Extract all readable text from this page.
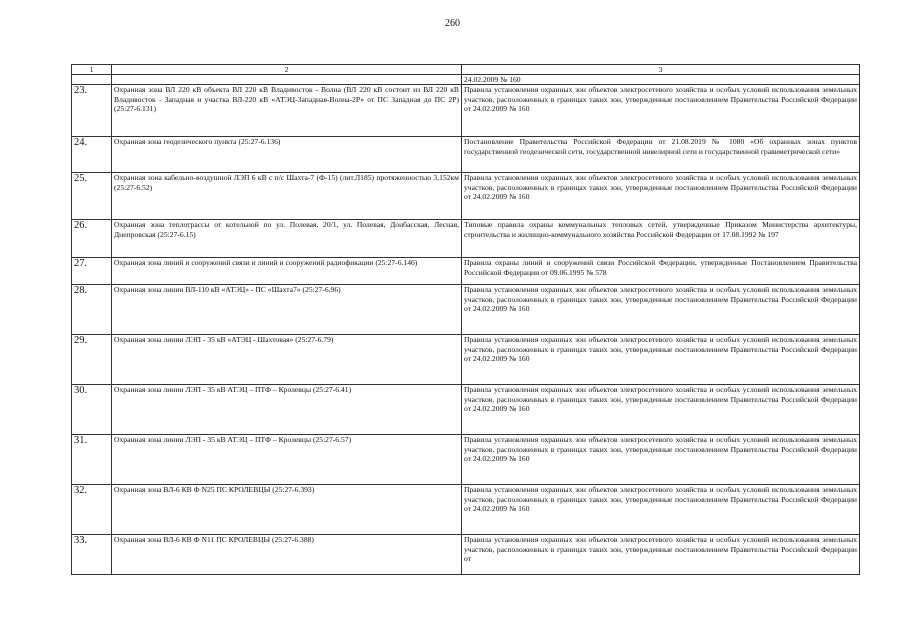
260
1	2	3
		24.02.2009 № 160
23.	Охранная зона ВЛ 220 кВ объекта ВЛ 220 кВ Владивосток - Волна (ВЛ 220 кВ состоит из ВЛ 220 кВ Владивосток - Западная и участка ВЛ-220 кВ «АТЭЦ-Западная-Волна-2Р» от ПС Западная до ПС 2Р) (25:27-6.131)	Правила установления охранных зон объектов электросетевого хозяйства и особых условий использования земельных участков, расположенных в границах таких зон, утвержденные постановлением Правительства Российской Федерации от 24.02.2009 № 160
24.	Охранная зона геодезического пункта (25:27-6.136)	Постановление Правительства Российской Федерации от 21.08.2019 № 1080 «Об охранных зонах пунктов государственной геодезической сети, государственной нивелирной сети и государственной гравиметрической сети»
25.	Охранная зона кабельно-воздушной ЛЭП 6 кВ с п/с Шахта-7 (Ф-15) (лит.Л185) протяженностью 3,152км (25:27-6.52)	Правила установления охранных зон объектов электросетевого хозяйства и особых условий использования земельных участков, расположенных в границах таких зон, утвержденные постановлением Правительства Российской Федерации от 24.02.2009 № 160
26.	Охранная зона теплотрассы от котельной по ул. Полевая, 20/1, ул. Полевая, Донбасская, Лесная, Днепровская (25:27-6.15)	Типовые правила охраны коммунальных тепловых сетей, утвержденные Приказом Министерства архитектуры, строительства и жилищно-коммунального хозяйства Российской Федерации от 17.08.1992 № 197
27.	Охранная зона линий и сооружений связи и линий и сооружений радиофикации (25:27-6.146)	Правила охраны линий и сооружений связи Российской Федерации, утвержденные Постановлением Правительства Российской Федерации от 09.06.1995 № 578
28.	Охранная зона линии ВЛ-110 кВ «АТЭЦ» - ПС «Шахта7» (25:27-6.96)	Правила установления охранных зон объектов электросетевого хозяйства и особых условий использования земельных участков, расположенных в границах таких зон, утвержденные постановлением Правительства Российской Федерации от 24.02.2009 № 160
29.	Охранная зона линии ЛЭП - 35 кВ «АТЭЦ - Шахтовая» (25:27-6.79)	Правила установления охранных зон объектов электросетевого хозяйства и особых условий использования земельных участков, расположенных в границах таких зон, утвержденные постановлением Правительства Российской Федерации от 24.02.2009 № 160
30.	Охранная зона линии ЛЭП - 35 кВ АТЭЦ – ПТФ – Кролевцы (25:27-6.41)	Правила установления охранных зон объектов электросетевого хозяйства и особых условий использования земельных участков, расположенных в границах таких зон, утвержденные постановлением Правительства Российской Федерации от 24.02.2009 № 160
31.	Охранная зона линии ЛЭП - 35 кВ АТЭЦ – ПТФ – Кролевцы (25:27-6.57)	Правила установления охранных зон объектов электросетевого хозяйства и особых условий использования земельных участков, расположенных в границах таких зон, утвержденные постановлением Правительства Российской Федерации от 24.02.2009 № 160
32.	Охранная зона ВЛ-6 КВ Ф N25 ПС КРОЛЕВЦЫ (25:27-6.393)	Правила установления охранных зон объектов электросетевого хозяйства и особых условий использования земельных участков, расположенных в границах таких зон, утвержденные постановлением Правительства Российской Федерации от 24.02.2009 № 160
33.	Охранная зона ВЛ-6 КВ Ф N11 ПС КРОЛЕВЦЫ (25:27-6.388)	Правила установления охранных зон объектов электросетевого хозяйства и особых условий использования земельных участков, расположенных в границах таких зон, утвержденные постановлением Правительства Российской Федерации от
